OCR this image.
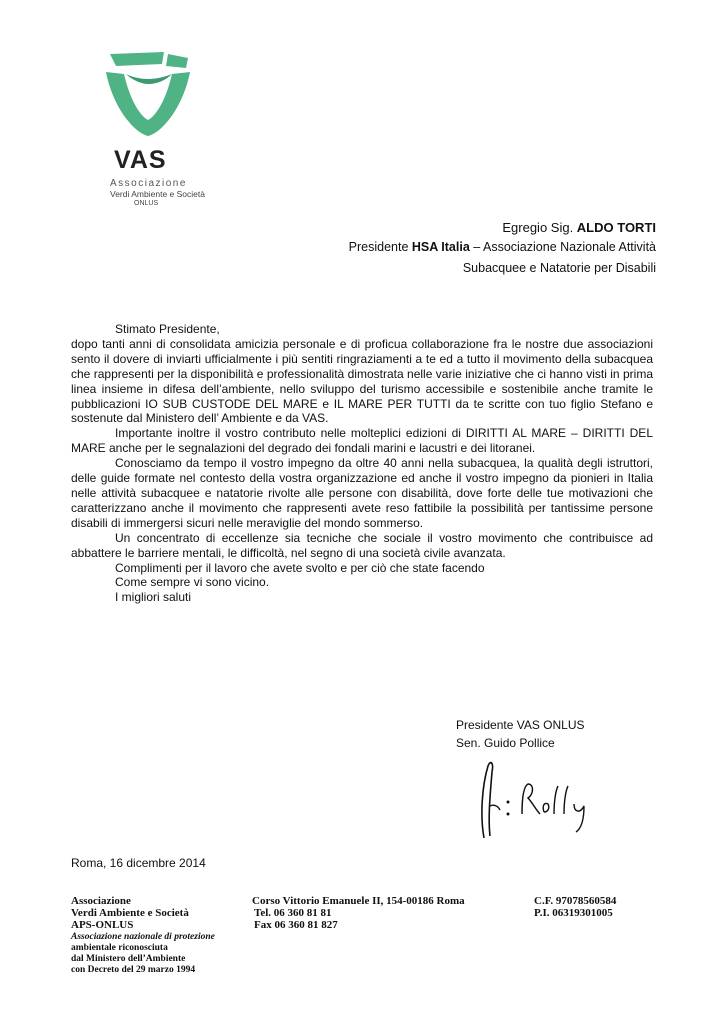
VAS
Associazione
Verdi Ambiente e Società
ONLUS
Egregio Sig. ALDO TORTI
Presidente HSA Italia – Associazione Nazionale Attività
Subacquee e Natatorie per Disabili

Stimato Presidente,

dopo tanti anni di consolidata amicizia personale e di proficua collaborazione fra le nostre due associazioni sento il dovere di inviarti ufficialmente i più sentiti ringraziamenti a te ed a tutto il movimento della subacquea che rappresenti per la disponibilità e professionalità dimostrata nelle varie iniziative che ci hanno visti in prima linea insieme in difesa dell’ambiente, nello sviluppo del turismo accessibile e sostenibile anche tramite le pubblicazioni IO SUB CUSTODE DEL MARE e IL MARE PER TUTTI da te scritte con tuo figlio Stefano e sostenute dal Ministero dell’ Ambiente e da VAS.

Importante inoltre il vostro contributo nelle molteplici edizioni di DIRITTI AL MARE – DIRITTI DEL MARE anche per le segnalazioni del degrado dei fondali marini e lacustri e dei litoranei.

Conosciamo da tempo il vostro impegno da oltre 40 anni nella subacquea, la qualità degli istruttori, delle guide formate nel contesto della vostra organizzazione ed anche il vostro impegno da pionieri in Italia nelle attività subacquee e natatorie rivolte alle persone con disabilità, dove forte delle tue motivazioni che caratterizzano anche il movimento che rappresenti avete reso fattibile la possibilità per tantissime persone disabili di immergersi sicuri nelle meraviglie del mondo sommerso.

Un concentrato di eccellenze sia tecniche che sociale il vostro movimento che contribuisce ad abbattere le barriere mentali, le difficoltà, nel segno di una società civile avanzata.

Complimenti per il lavoro che avete svolto e per ciò che state facendo

Come sempre vi sono vicino.

I migliori saluti

Presidente VAS ONLUS
Sen. Guido Pollice
Roma, 16 dicembre 2014
Associazione
Verdi Ambiente e Società
APS-ONLUS
Associazione nazionale di protezione
ambientale riconosciuta
dal Ministero dell’Ambiente
con Decreto del 29 marzo 1994
Corso Vittorio Emanuele II, 154-00186 Roma
Tel. 06 360 81 81
Fax 06 360 81 827
C.F. 97078560584
P.I. 06319301005
